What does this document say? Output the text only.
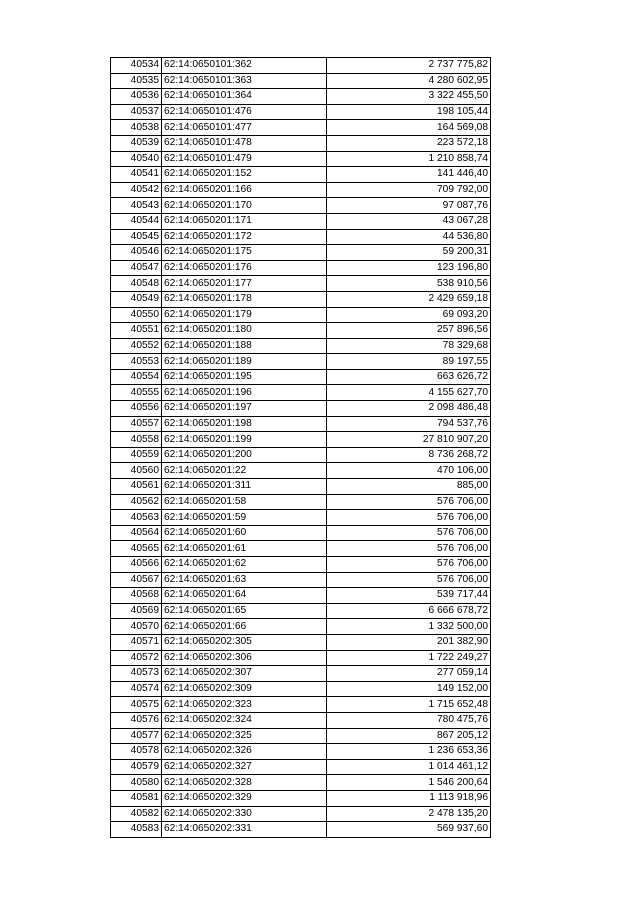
40534	62:14:0650101:362	2 737 775,82
40535	62:14:0650101:363	4 280 602,95
40536	62:14:0650101:364	3 322 455,50
40537	62:14:0650101:476	198 105,44
40538	62:14:0650101:477	164 569,08
40539	62:14:0650101:478	223 572,18
40540	62:14:0650101:479	1 210 858,74
40541	62:14:0650201:152	141 446,40
40542	62:14:0650201:166	709 792,00
40543	62:14:0650201:170	97 087,76
40544	62:14:0650201:171	43 067,28
40545	62:14:0650201:172	44 536,80
40546	62:14:0650201:175	59 200,31
40547	62:14:0650201:176	123 196,80
40548	62:14:0650201:177	538 910,56
40549	62:14:0650201:178	2 429 659,18
40550	62:14:0650201:179	69 093,20
40551	62:14:0650201:180	257 896,56
40552	62:14:0650201:188	78 329,68
40553	62:14:0650201:189	89 197,55
40554	62:14:0650201:195	663 626,72
40555	62:14:0650201:196	4 155 627,70
40556	62:14:0650201:197	2 098 486,48
40557	62:14:0650201:198	794 537,76
40558	62:14:0650201:199	27 810 907,20
40559	62:14:0650201:200	8 736 268,72
40560	62:14:0650201:22	470 106,00
40561	62:14:0650201:311	885,00
40562	62:14:0650201:58	576 706,00
40563	62:14:0650201:59	576 706,00
40564	62:14:0650201:60	576 706,00
40565	62:14:0650201:61	576 706,00
40566	62:14:0650201:62	576 706,00
40567	62:14:0650201:63	576 706,00
40568	62:14:0650201:64	539 717,44
40569	62:14:0650201:65	6 666 678,72
40570	62:14:0650201:66	1 332 500,00
40571	62:14:0650202:305	201 382,90
40572	62:14:0650202:306	1 722 249,27
40573	62:14:0650202:307	277 059,14
40574	62:14:0650202:309	149 152,00
40575	62:14:0650202:323	1 715 652,48
40576	62:14:0650202:324	780 475,76
40577	62:14:0650202:325	867 205,12
40578	62:14:0650202:326	1 236 653,36
40579	62:14:0650202:327	1 014 461,12
40580	62:14:0650202:328	1 546 200,64
40581	62:14:0650202:329	1 113 918,96
40582	62:14:0650202:330	2 478 135,20
40583	62:14:0650202:331	569 937,60
